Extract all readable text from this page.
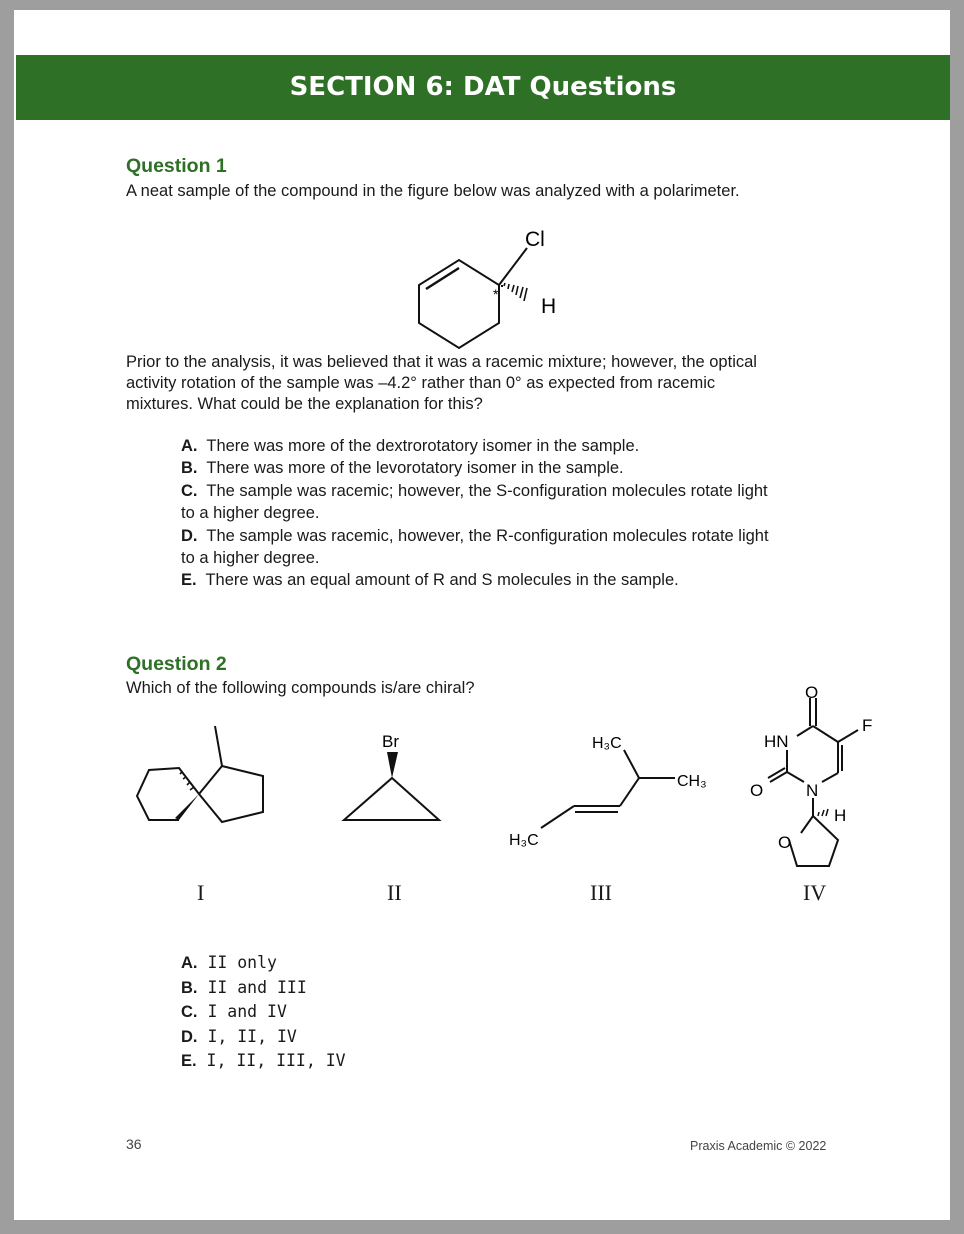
SECTION 6: DAT Questions
Question 1
A neat sample of the compound in the figure below was analyzed with a polarimeter.
Cl
H
*
Prior to the analysis, it was believed that it was a racemic mixture; however, the optical
activity rotation of the sample was –4.2° rather than 0° as expected from racemic
mixtures. What could be the explanation for this?
A. There was more of the dextrorotatory isomer in the sample.
B. There was more of the levorotatory isomer in the sample.
C. The sample was racemic; however, the S-configuration molecules rotate light
to a higher degree.
D. The sample was racemic, however, the R-configuration molecules rotate light
to a higher degree.
E. There was an equal amount of R and S molecules in the sample.
Question 2
Which of the following compounds is/are chiral?
Br	H₃C
CH₃
H₃C
O
F
HN
N
O
H
O
I	II	III	IV
A. II only
B. II and III
C. I and IV
D. I, II, IV
E. I, II, III, IV
36	Praxis Academic © 2022
